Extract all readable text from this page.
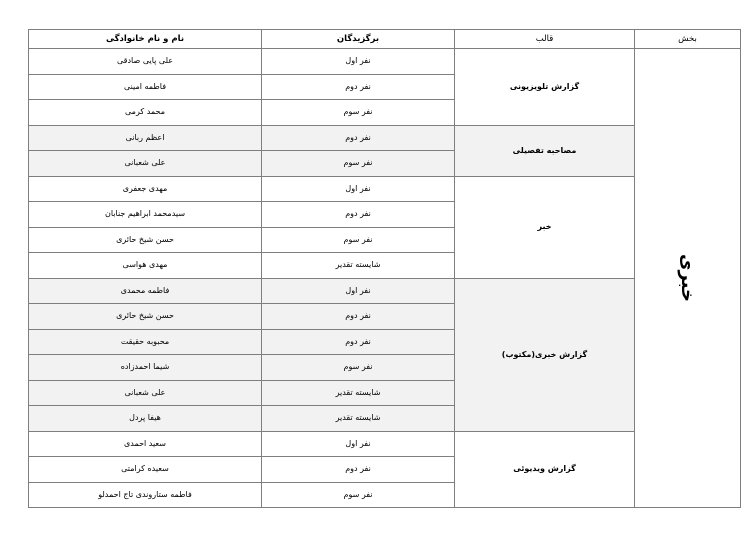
بخش	قالب	برگزیدگان	نام و نام خانوادگی
خبری	گزارش تلویزیونی	نفر اول	علی پایی صادقی
		نفر دوم	فاطمه امینی
		نفر سوم	محمد کرمی
	مصاحبه تفصیلی	نفر دوم	اعظم ربانی
		نفر سوم	علی شعبانی
	خبر	نفر اول	مهدی جعفری
		نفر دوم	سیدمحمد ابراهیم جنابان
		نفر سوم	حسن شیخ حائری
		شایسته تقدیر	مهدی هواسی
	گزارش خبری(مکتوب)	نفر اول	فاطمه محمدی
		نفر دوم	حسن شیخ حائری
		نفر دوم	محبوبه حقیقت
		نفر سوم	شیما احمدزاده
		شایسته تقدیر	علی شعبانی
		شایسته تقدیر	هیفا پردل
	گزارش ویدیوئی	نفر اول	سعید احمدی
		نفر دوم	سعیده کرامتی
		نفر سوم	فاطمه ستاروندی تاج احمدلو
